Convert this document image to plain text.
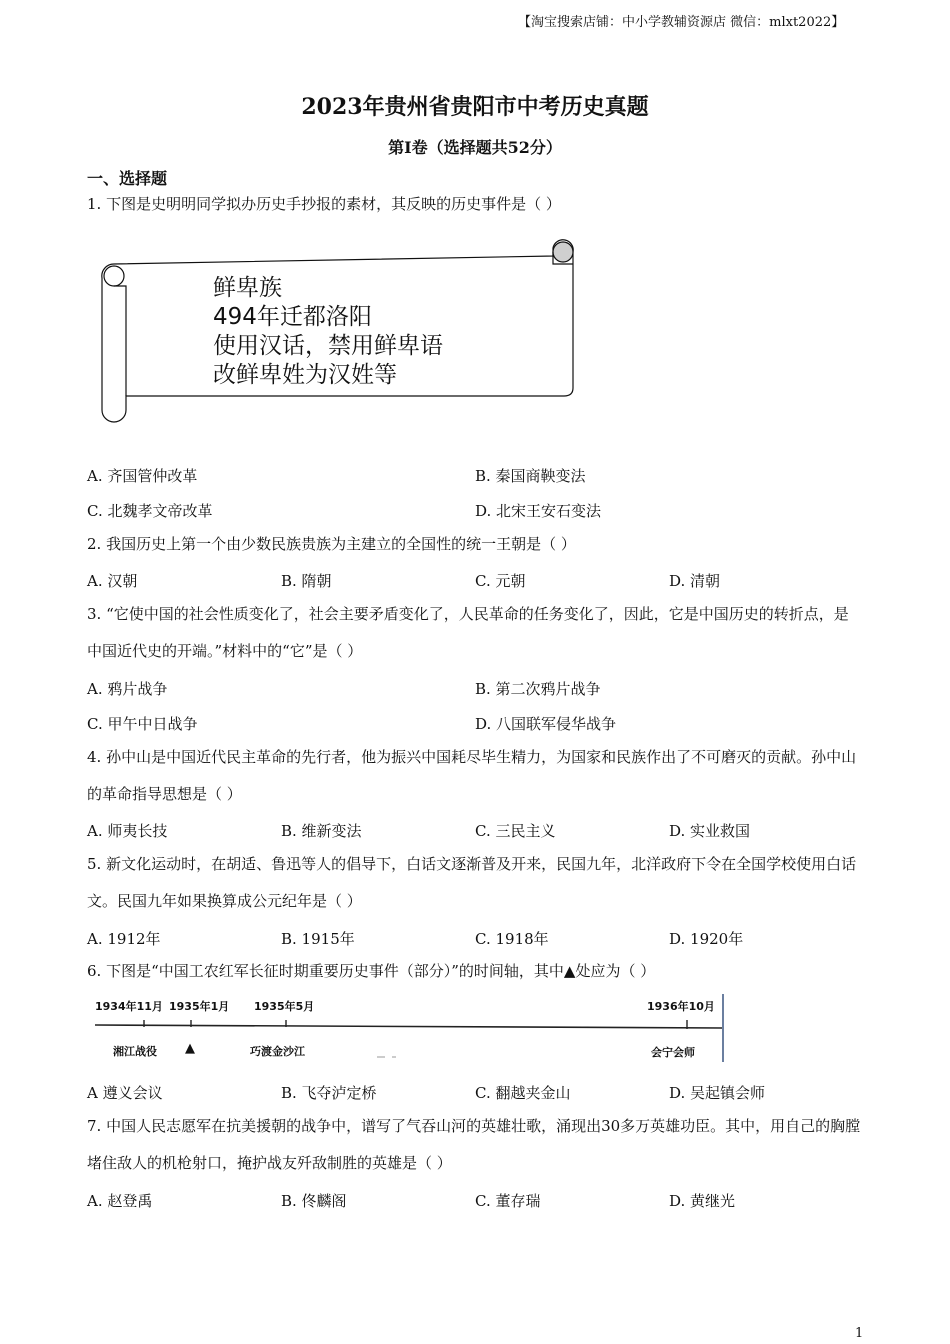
【淘宝搜索店铺：中小学教辅资源店 微信：mlxt2022】
2023年贵州省贵阳市中考历史真题
第Ⅰ卷（选择题共52分）
一、选择题
1. 下图是史明明同学拟办历史手抄报的素材，其反映的历史事件是（ ）
鲜卑族
494年迁都洛阳
使用汉话，禁用鲜卑语
改鲜卑姓为汉姓等
A. 齐国管仲改革	B. 秦国商鞅变法
C. 北魏孝文帝改革	D. 北宋王安石变法
2. 我国历史上第一个由少数民族贵族为主建立的全国性的统一王朝是（ ）
A. 汉朝	B. 隋朝	C. 元朝	D. 清朝
3. “它使中国的社会性质变化了，社会主要矛盾变化了，人民革命的任务变化了，因此，它是中国历史的转折点，是中国近代史的开端。”材料中的“它”是（ ）
A. 鸦片战争	B. 第二次鸦片战争
C. 甲午中日战争	D. 八国联军侵华战争
4. 孙中山是中国近代民主革命的先行者，他为振兴中国耗尽毕生精力，为国家和民族作出了不可磨灭的贡献。孙中山的革命指导思想是（ ）
A. 师夷长技	B. 维新变法	C. 三民主义	D. 实业救国
5. 新文化运动时，在胡适、鲁迅等人的倡导下，白话文逐渐普及开来，民国九年，北洋政府下令在全国学校使用白话文。民国九年如果换算成公元纪年是（ ）
A. 1912年	B. 1915年	C. 1918年	D. 1920年
6. 下图是“中国工农红军长征时期重要历史事件（部分）”的时间轴，其中▲处应为（ ）
1934年11月 1935年1月 1935年5月	1936年10月
湘江战役 ▲	巧渡金沙江	会宁会师
A 遵义会议	B. 飞夺泸定桥	C. 翻越夹金山	D. 吴起镇会师
7. 中国人民志愿军在抗美援朝的战争中，谱写了气吞山河的英雄壮歌，涌现出30多万英雄功臣。其中，用自己的胸膛堵住敌人的机枪射口，掩护战友歼敌制胜的英雄是（ ）
A. 赵登禹	B. 佟麟阁	C. 董存瑞	D. 黄继光
1
